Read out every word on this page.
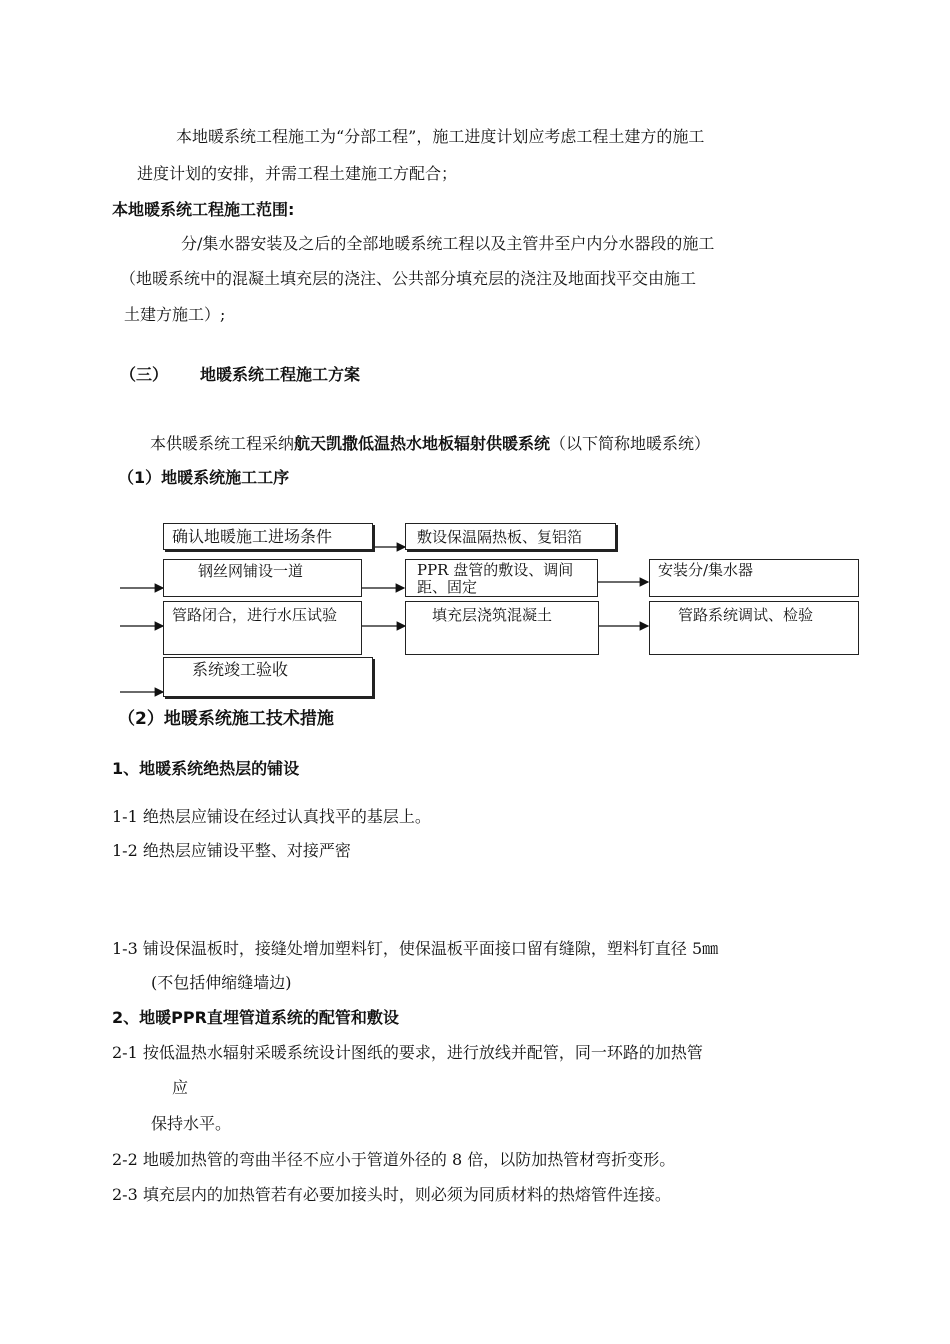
本地暖系统工程施工为“分部工程”，施工进度计划应考虑工程土建方的施工
进度计划的安排，并需工程土建施工方配合；
本地暖系统工程施工范围:
分/集水器安装及之后的全部地暖系统工程以及主管井至户内分水器段的施工
（地暖系统中的混凝土填充层的浇注、公共部分填充层的浇注及地面找平交由施工
土建方施工）;
（三） 地暖系统工程施工方案
本供暖系统工程采纳航天凯撒低温热水地板辐射供暖系统（以下简称地暖系统）
（1）地暖系统施工工序
确认地暖施工进场条件	敷设保温隔热板、复铝箔
钢丝网铺设一道	PPR 盘管的敷设、调间
距、固定
安装分/集水器
管路闭合，进行水压试验	填充层浇筑混凝土	管路系统调试、检验
系统竣工验收
（2）地暖系统施工技术措施
1、地暖系统绝热层的铺设
1-1 绝热层应铺设在经过认真找平的基层上。
1-2 绝热层应铺设平整、对接严密
1-3 铺设保温板时，接缝处增加塑料钉，使保温板平面接口留有缝隙，塑料钉直径 5㎜
(不包括伸缩缝墙边)
2、地暖PPR直埋管道系统的配管和敷设
2-1 按低温热水辐射采暖系统设计图纸的要求，进行放线并配管，同一环路的加热管
应
保持水平。
2-2 地暖加热管的弯曲半径不应小于管道外径的 8 倍，以防加热管材弯折变形。
2-3 填充层内的加热管若有必要加接头时，则必须为同质材料的热熔管件连接。
